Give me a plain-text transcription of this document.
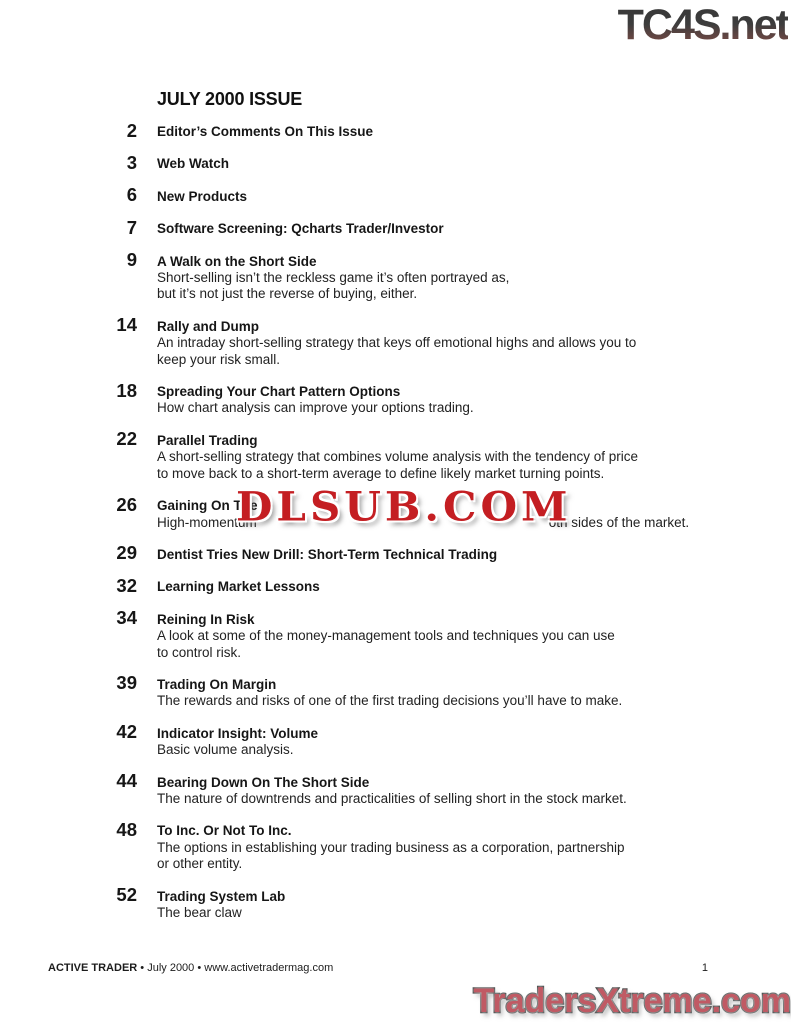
TC4S.net
JULY 2000 ISSUE
2 Editor’s Comments On This Issue
3 Web Watch
6 New Products
7 Software Screening: Qcharts Trader/Investor
9 A Walk on the Short Side
Short-selling isn’t the reckless game it’s often portrayed as,
but it’s not just the reverse of buying, either.
14 Rally and Dump
An intraday short-selling strategy that keys off emotional highs and allows you to
keep your risk small.
18 Spreading Your Chart Pattern Options
How chart analysis can improve your options trading.
22 Parallel Trading
A short-selling strategy that combines volume analysis with the tendency of price
to move back to a short-term average to define likely market turning points.
26 Gaining On The
High-momentum	oth sides of the market.
29 Dentist Tries New Drill: Short-Term Technical Trading
32 Learning Market Lessons
34 Reining In Risk
A look at some of the money-management tools and techniques you can use
to control risk.
39 Trading On Margin
The rewards and risks of one of the first trading decisions you’ll have to make.
42 Indicator Insight: Volume
Basic volume analysis.
44 Bearing Down On The Short Side
The nature of downtrends and practicalities of selling short in the stock market.
48 To Inc. Or Not To Inc.
The options in establishing your trading business as a corporation, partnership
or other entity.
52 Trading System Lab
The bear claw
DLSUB.COM
ACTIVE TRADER • July 2000 • www.activetradermag.com	1
TradersXtreme.com
